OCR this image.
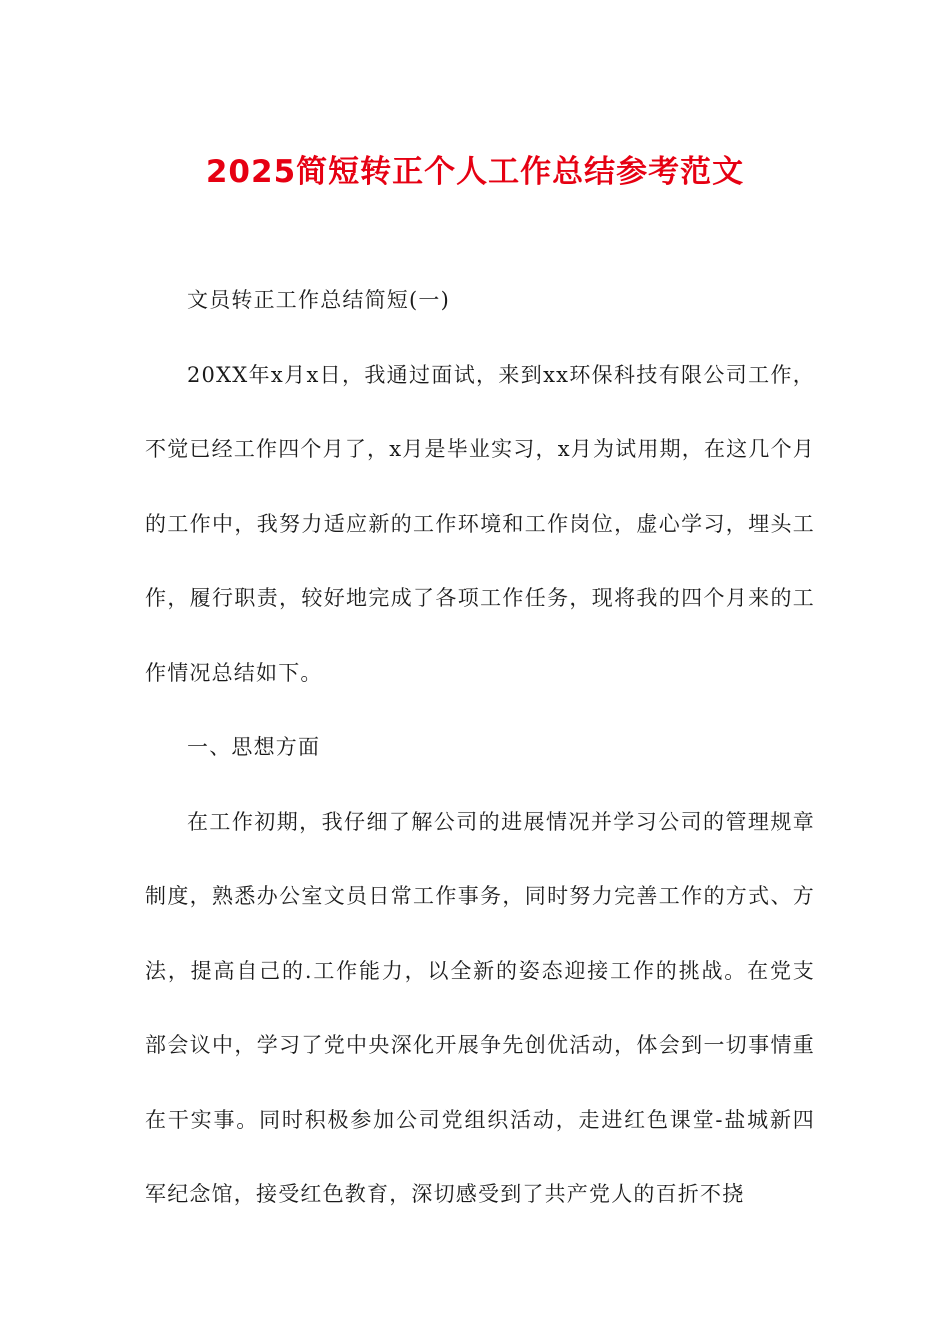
2025简短转正个人工作总结参考范文

文员转正工作总结简短(一)

20XX年x月x日，我通过面试，来到xx环保科技有限公司工作，不觉已经工作四个月了，x月是毕业实习，x月为试用期，在这几个月的工作中，我努力适应新的工作环境和工作岗位，虚心学习，埋头工作，履行职责，较好地完成了各项工作任务，现将我的四个月来的工作情况总结如下。

一、思想方面

在工作初期，我仔细了解公司的进展情况并学习公司的管理规章制度，熟悉办公室文员日常工作事务，同时努力完善工作的方式、方法，提高自己的.工作能力，以全新的姿态迎接工作的挑战。在党支部会议中，学习了党中央深化开展争先创优活动，体会到一切事情重在干实事。同时积极参加公司党组织活动，走进红色课堂-盐城新四军纪念馆，接受红色教育，深切感受到了共产党人的百折不挠
